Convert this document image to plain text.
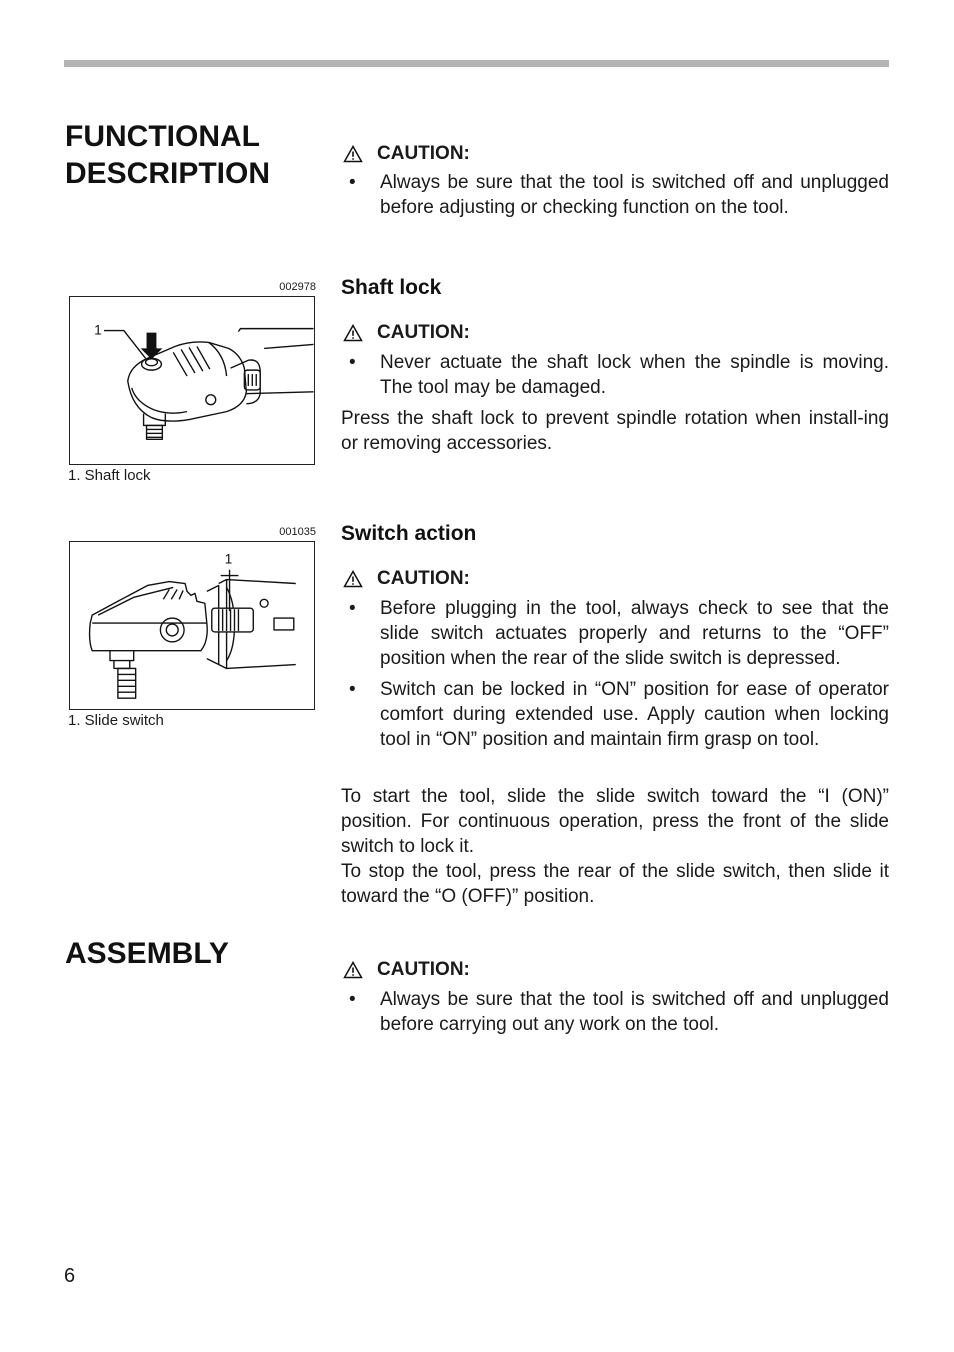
FUNCTIONAL
DESCRIPTION
CAUTION:
•	Always be sure that the tool is switched off and unplugged before adjusting or checking function on the tool.
002978
1
1. Shaft lock
Shaft lock
CAUTION:
•	Never actuate the shaft lock when the spindle is moving. The tool may be damaged.
Press the shaft lock to prevent spindle rotation when install-ing or removing accessories.
001035
1
1. Slide switch
Switch action
CAUTION:
•	Before plugging in the tool, always check to see that the slide switch actuates properly and returns to the “OFF” position when the rear of the slide switch is depressed.
•	Switch can be locked in “ON” position for ease of operator comfort during extended use. Apply caution when locking tool in “ON” position and maintain firm grasp on tool.
To start the tool, slide the slide switch toward the “I (ON)” position. For continuous operation, press the front of the slide switch to lock it.
To stop the tool, press the rear of the slide switch, then slide it toward the “O (OFF)” position.
ASSEMBLY	CAUTION:
•	Always be sure that the tool is switched off and unplugged before carrying out any work on the tool.
6
